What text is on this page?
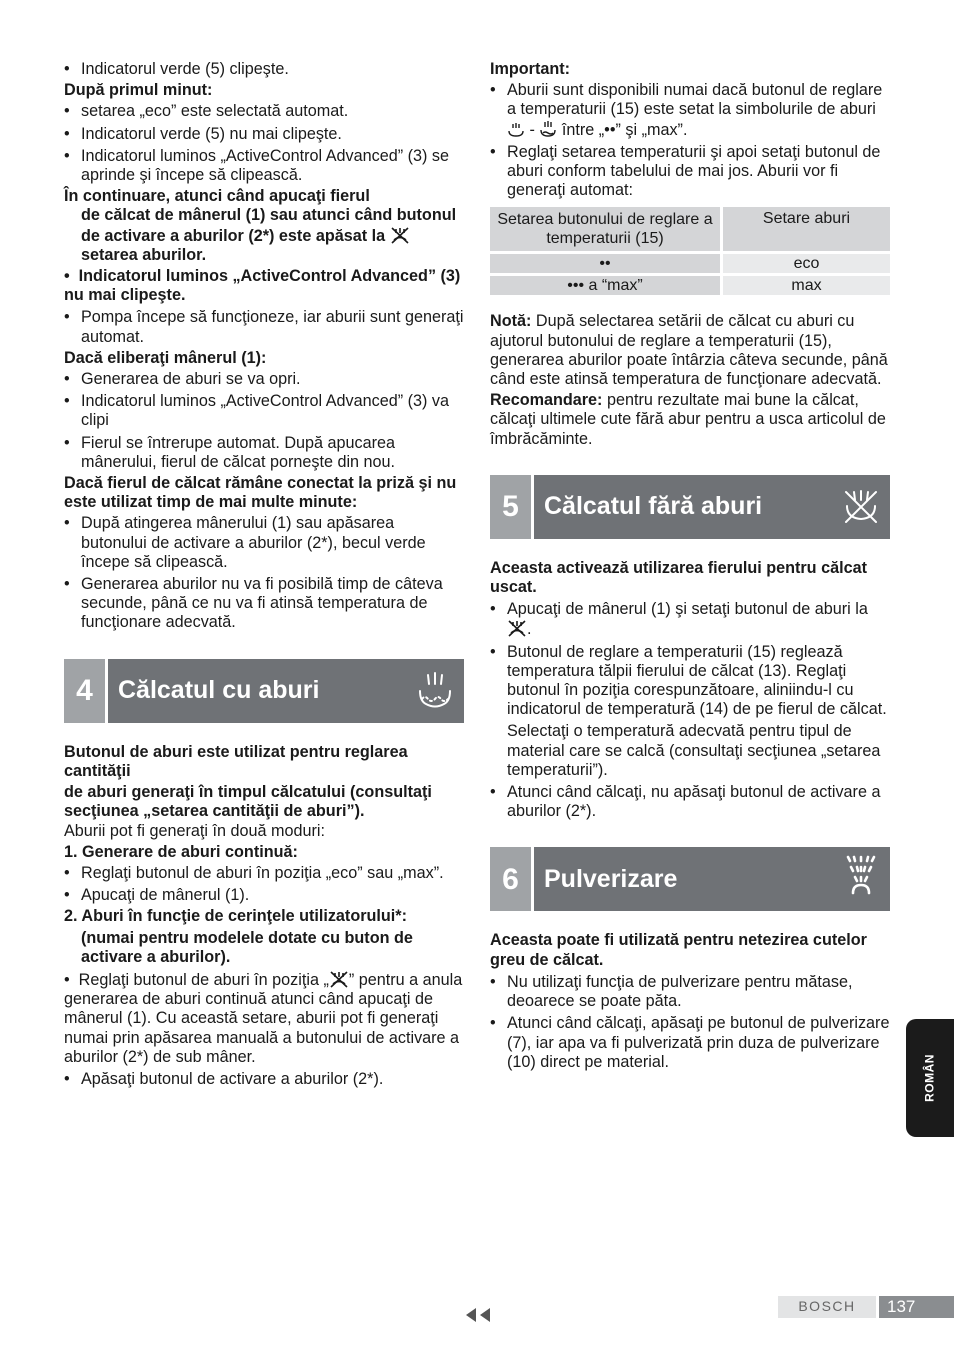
• Indicatorul verde (5) clipeşte.

După primul minut:

• setarea „eco” este selectată automat.

• Indicatorul verde (5) nu mai clipeşte.

• Indicatorul luminos „ActiveControl Advanced” (3) se aprinde şi începe să clipească.

În continuare, atunci când apucaţi fierul

de călcat de mânerul (1) sau atunci când butonul de activare a aburilor (2*) este apăsat la  setarea aburilor.

• Indicatorul luminos „ActiveControl Advanced” (3) nu mai clipeşte.

• Pompa începe să funcţioneze, iar aburii sunt generaţi automat.

Dacă eliberaţi mânerul (1):

• Generarea de aburi se va opri.

• Indicatorul luminos „ActiveControl Advanced” (3) va clipi

• Fierul se întrerupe automat. După apucarea mânerului, fierul de călcat porneşte din nou.

Dacă fierul de călcat rămâne conectat la priză şi nu este utilizat timp de mai multe minute:

• După atingerea mânerului (1) sau apăsarea butonului de activare a aburilor (2*), becul verde începe să clipească.

• Generarea aburilor nu va fi posibilă timp de câteva secunde, până ce nu va fi atinsă temperatura de funcţionare adecvată.

4	Călcatul cu aburi

Butonul de aburi este utilizat pentru reglarea cantităţii

de aburi generaţi în timpul călcatului (consultaţi secţiunea „setarea cantităţii de aburi”).

Aburii pot fi generaţi în două moduri:

1. Generare de aburi continuă:

• Reglaţi butonul de aburi în poziţia „eco” sau „max”.

• Apucaţi de mânerul (1).

2. Aburi în funcţie de cerinţele utilizatorului*:

(numai pentru modelele dotate cu buton de activare a aburilor).

• Reglaţi butonul de aburi în poziţia „ ” pentru a anula generarea de aburi continuă atunci când apucaţi de mânerul (1). Cu această setare, aburii pot fi generaţi numai prin apăsarea manuală a butonului de activare a aburilor (2*) de sub mâner.

• Apăsaţi butonul de activare a aburilor (2*).

Important:

• Aburii sunt disponibili numai dacă butonul de reglare a temperaturii (15) este setat la simbolurile de aburi  - între „••” şi „max”.

• Reglaţi setarea temperaturii şi apoi setaţi butonul de aburi conform tabelului de mai jos. Aburii vor fi generaţi automat:

Setarea butonului de reglare a temperaturii (15)	Setare aburi
••	eco
••• a “max”	max

Notă: După selectarea setării de călcat cu aburi cu ajutorul butonului de reglare a temperaturii (15), generarea aburilor poate întârzia câteva secunde, până când este atinsă temperatura de funcţionare adecvată.

Recomandare: pentru rezultate mai bune la călcat, călcaţi ultimele cute fără abur pentru a usca articolul de îmbrăcăminte.

5	Călcatul fără aburi

Aceasta activează utilizarea fierului pentru călcat uscat.

• Apucaţi de mânerul (1) şi setaţi butonul de aburi la .

• Butonul de reglare a temperaturii (15) reglează temperatura tălpii fierului de călcat (13). Reglaţi butonul în poziţia corespunzătoare, aliniindu-l cu indicatorul de temperatură (14) de pe fierul de călcat.

Selectaţi o temperatură adecvată pentru tipul de material care se calcă (consultaţi secţiunea „setarea temperaturii”).

• Atunci când călcaţi, nu apăsaţi butonul de activare a aburilor (2*).

6	Pulverizare

Aceasta poate fi utilizată pentru netezirea cutelor greu de călcat.

• Nu utilizaţi funcţia de pulverizare pentru mătase, deoarece se poate păta.

• Atunci când călcaţi, apăsaţi pe butonul de pulverizare (7), iar apa va fi pulverizată prin duza de pulverizare (10) direct pe material.	ROMÂN
BOSCH	137
